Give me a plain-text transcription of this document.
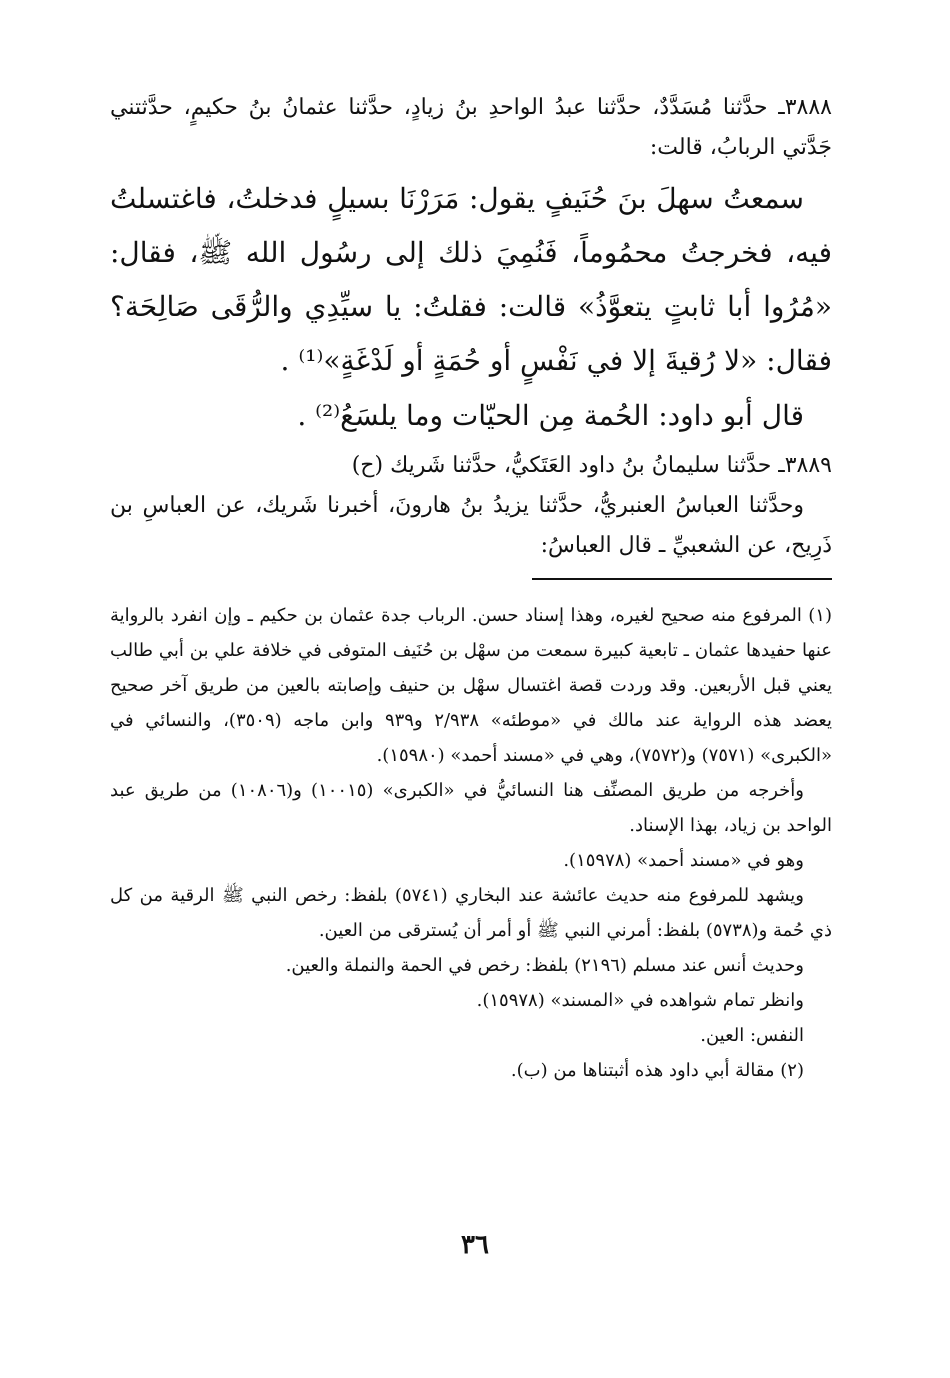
٣٨٨٨ـ حدَّثنا مُسَدَّدٌ، حدَّثنا عبدُ الواحدِ بنُ زيادٍ، حدَّثنا عثمانُ بنُ حكيمٍ، حدَّثتني جَدَّتي الربابُ، قالت:

سمعتُ سهلَ بنَ حُنَيفٍ يقول: مَرَرْنَا بسيلٍ فدخلتُ، فاغتسلتُ فيه، فخرجتُ محمُوماً، فَنُمِيَ ذلك إلى رسُول الله ﷺ، فقال: «مُرُوا أبا ثابتٍ يتعوَّذُ» قالت: فقلتُ: يا سيِّدِي والرُّقَى صَالِحَة؟ فقال: «لا رُقيةَ إلا في نَفْسٍ أو حُمَةٍ أو لَدْغَةٍ»⁽¹⁾ .

قال أبو داود: الحُمة مِن الحيّات وما يلسَعُ⁽²⁾ .

٣٨٨٩ـ حدَّثنا سليمانُ بنُ داود العَتَكيُّ، حدَّثنا شَريك (ح)

وحدَّثنا العباسُ العنبريُّ، حدَّثنا يزيدُ بنُ هارونَ، أخبرنا شَريك، عن العباسِ بن ذَرِيح، عن الشعبيِّ ـ قال العباسُ:

(١) المرفوع منه صحيح لغيره، وهذا إسناد حسن. الرباب جدة عثمان بن حكيم ـ وإن انفرد بالرواية عنها حفيدها عثمان ـ تابعية كبيرة سمعت من سهْل بن حُنَيف المتوفى في خلافة علي بن أبي طالب يعني قبل الأربعين. وقد وردت قصة اغتسال سهْل بن حنيف وإصابته بالعين من طريق آخر صحيح يعضد هذه الرواية عند مالك في «موطئه» ٢/٩٣٨ و٩٣٩ وابن ماجه (٣٥٠٩)، والنسائي في «الكبرى» (٧٥٧١) و(٧٥٧٢)، وهي في «مسند أحمد» (١٥٩٨٠).

وأخرجه من طريق المصنِّف هنا النسائيُّ في «الكبرى» (١٠٠١٥) و(١٠٨٠٦) من طريق عبد الواحد بن زياد، بهذا الإسناد.

وهو في «مسند أحمد» (١٥٩٧٨).

ويشهد للمرفوع منه حديث عائشة عند البخاري (٥٧٤١) بلفظ: رخص النبي ﷺ الرقية من كل ذي حُمة و(٥٧٣٨) بلفظ: أمرني النبي ﷺ أو أمر أن يُسترقى من العين.

وحديث أنس عند مسلم (٢١٩٦) بلفظ: رخص في الحمة والنملة والعين.

وانظر تمام شواهده في «المسند» (١٥٩٧٨).

النفس: العين.

(٢) مقالة أبي داود هذه أثبتناها من (ب).

٣٦
